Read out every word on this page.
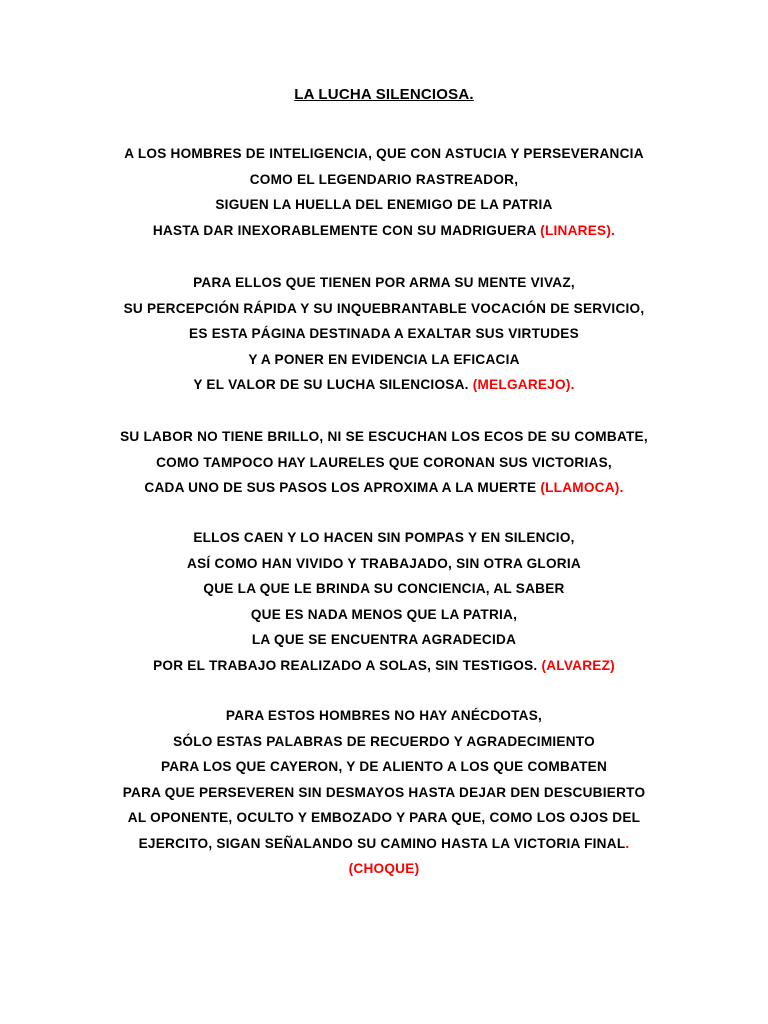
LA LUCHA SILENCIOSA.
A LOS HOMBRES DE INTELIGENCIA, QUE CON ASTUCIA Y PERSEVERANCIA
COMO EL LEGENDARIO RASTREADOR,
SIGUEN LA HUELLA DEL ENEMIGO DE LA PATRIA
HASTA DAR INEXORABLEMENTE CON SU MADRIGUERA (LINARES).
PARA ELLOS QUE TIENEN POR ARMA SU MENTE VIVAZ,
SU PERCEPCIÓN RÁPIDA Y SU INQUEBRANTABLE VOCACIÓN DE SERVICIO,
ES ESTA PÁGINA DESTINADA A EXALTAR SUS VIRTUDES
Y A PONER EN EVIDENCIA LA EFICACIA
Y EL VALOR DE SU LUCHA SILENCIOSA. (MELGAREJO).
SU LABOR NO TIENE BRILLO, NI SE ESCUCHAN LOS ECOS DE SU COMBATE,
COMO TAMPOCO HAY LAURELES QUE CORONAN SUS VICTORIAS,
CADA UNO DE SUS PASOS LOS APROXIMA A LA MUERTE (LLAMOCA).
ELLOS CAEN Y LO HACEN SIN POMPAS Y EN SILENCIO,
ASÍ COMO HAN VIVIDO Y TRABAJADO, SIN OTRA GLORIA
QUE LA QUE LE BRINDA SU CONCIENCIA, AL SABER
QUE ES NADA MENOS QUE LA PATRIA,
LA QUE SE ENCUENTRA AGRADECIDA
POR EL TRABAJO REALIZADO A SOLAS, SIN TESTIGOS. (ALVAREZ)
PARA ESTOS HOMBRES NO HAY ANÉCDOTAS,
SÓLO ESTAS PALABRAS DE RECUERDO Y AGRADECIMIENTO
PARA LOS QUE CAYERON, Y DE ALIENTO A LOS QUE COMBATEN
PARA QUE PERSEVEREN SIN DESMAYOS HASTA DEJAR DEN DESCUBIERTO
AL OPONENTE, OCULTO Y EMBOZADO Y PARA QUE, COMO LOS OJOS DEL
EJERCITO, SIGAN SEÑALANDO SU CAMINO HASTA LA VICTORIA FINAL.
(CHOQUE)
